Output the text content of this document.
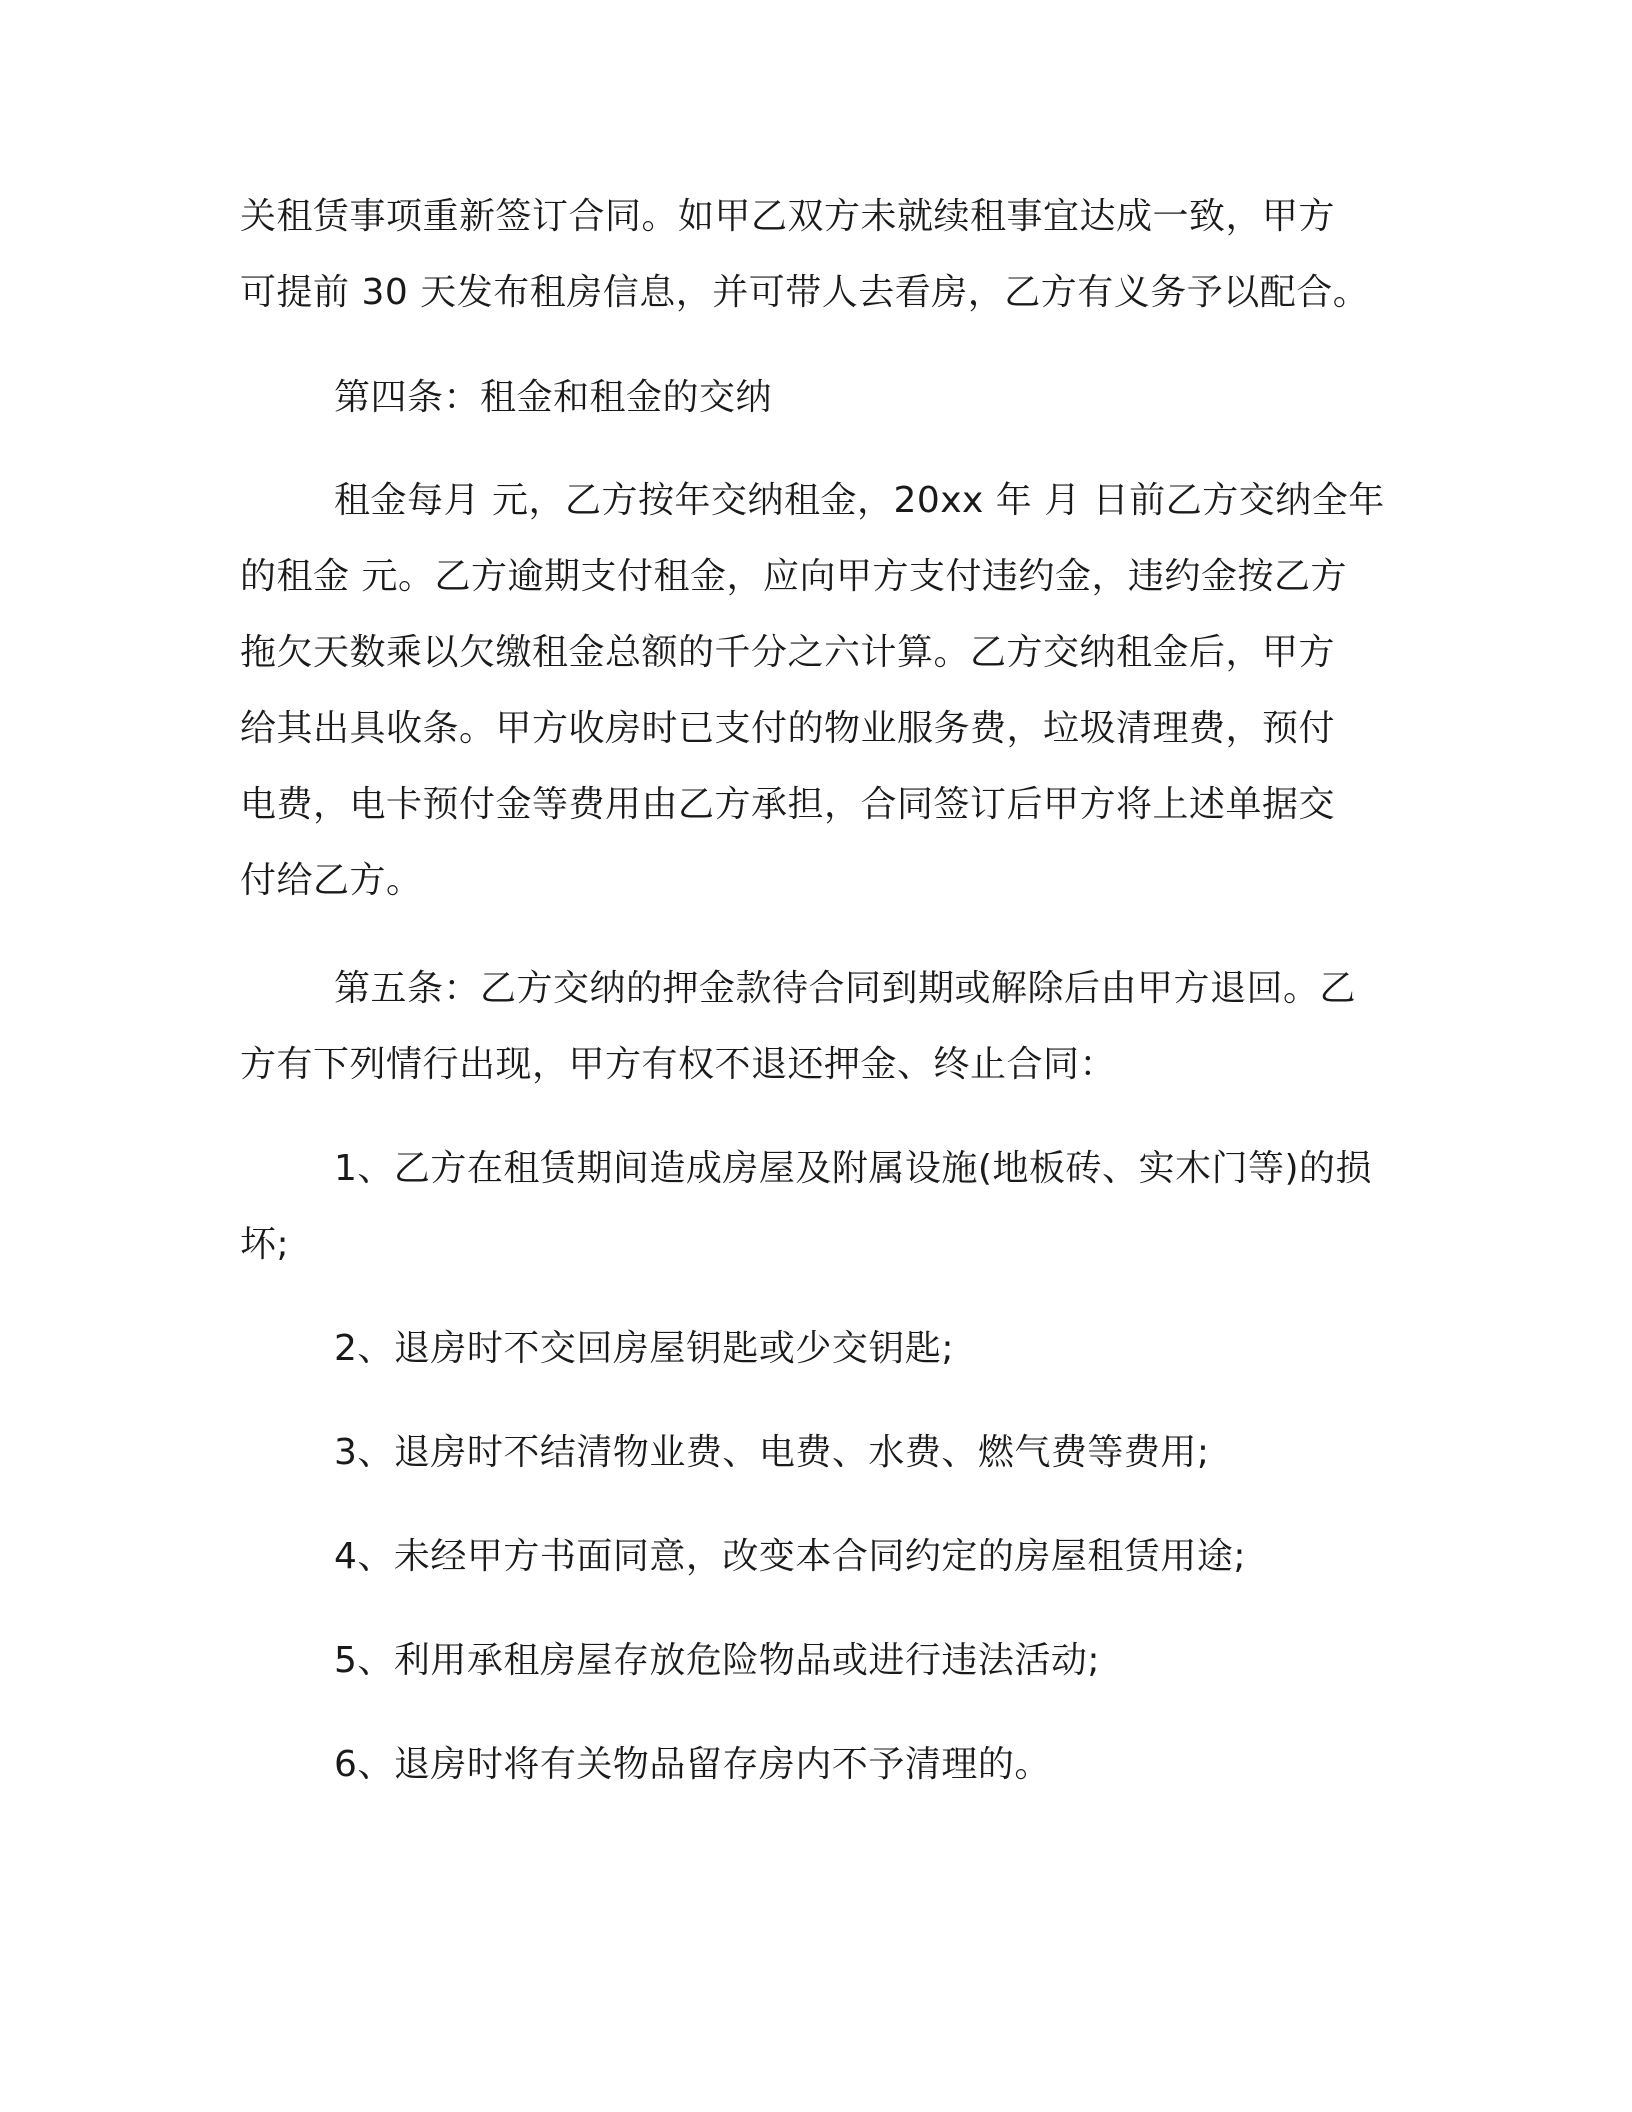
关租赁事项重新签订合同。如甲乙双方未就续租事宜达成一致，甲方
可提前 30 天发布租房信息，并可带人去看房，乙方有义务予以配合。
第四条：租金和租金的交纳
租金每月 元，乙方按年交纳租金，20xx 年 月 日前乙方交纳全年
的租金 元。乙方逾期支付租金，应向甲方支付违约金，违约金按乙方
拖欠天数乘以欠缴租金总额的千分之六计算。乙方交纳租金后，甲方
给其出具收条。甲方收房时已支付的物业服务费，垃圾清理费，预付
电费，电卡预付金等费用由乙方承担，合同签订后甲方将上述单据交
付给乙方。
第五条：乙方交纳的押金款待合同到期或解除后由甲方退回。乙
方有下列情行出现，甲方有权不退还押金、终止合同：
1、乙方在租赁期间造成房屋及附属设施(地板砖、实木门等)的损
坏;
2、退房时不交回房屋钥匙或少交钥匙;
3、退房时不结清物业费、电费、水费、燃气费等费用;
4、未经甲方书面同意，改变本合同约定的房屋租赁用途;
5、利用承租房屋存放危险物品或进行违法活动;
6、退房时将有关物品留存房内不予清理的。
